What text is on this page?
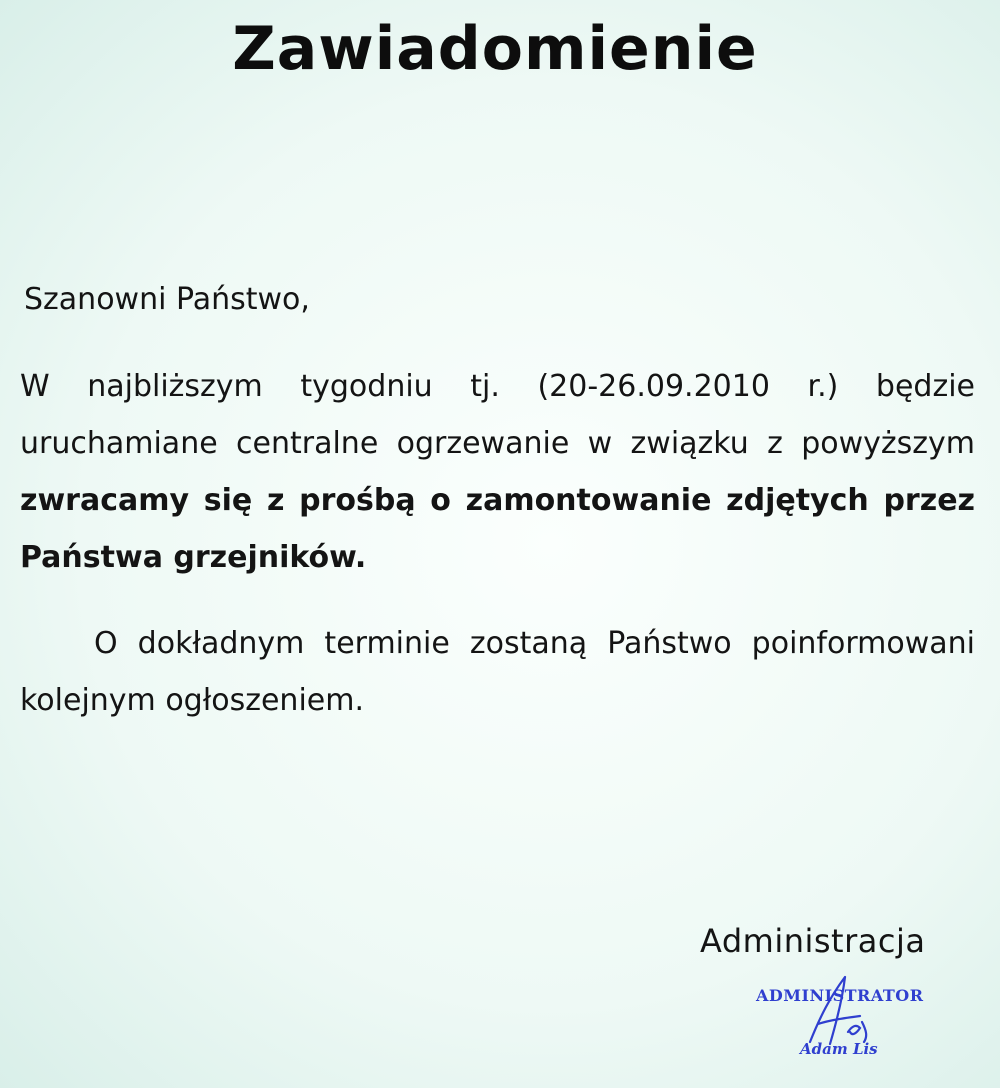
Zawiadomienie
Szanowni Państwo,
W najbliższym tygodniu tj. (20-26.09.2010 r.) będzie uruchamiane centralne ogrzewanie w związku z powyższym zwracamy się z prośbą o zamontowanie zdjętych przez Państwa grzejników.
O dokładnym terminie zostaną Państwo poinformowani kolejnym ogłoszeniem.
Administracja
ADMINISTRATOR
Adam Lis
